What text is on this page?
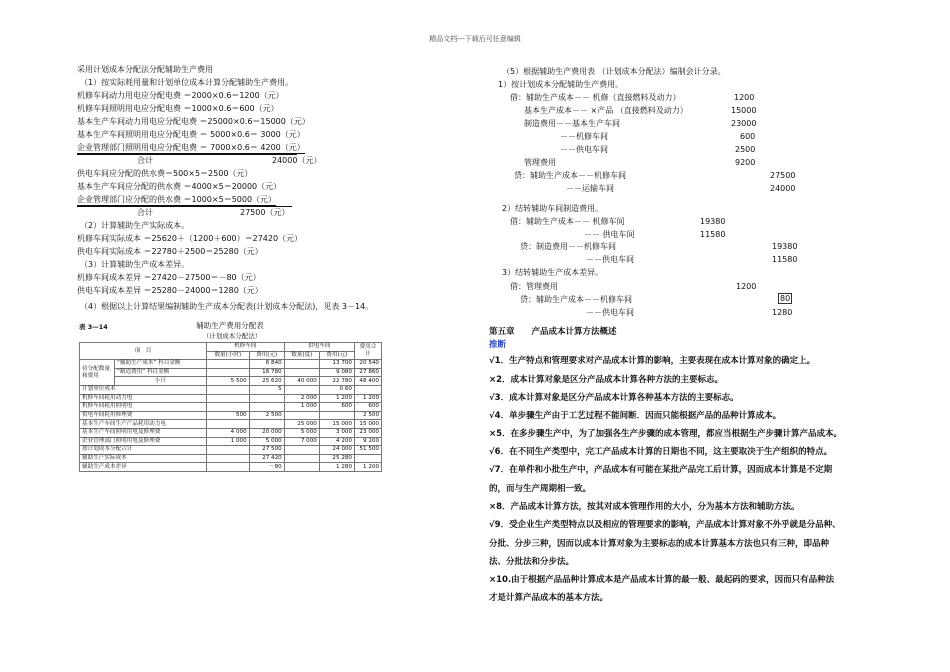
精品文档---下载后可任意编辑
采用计划成本分配法分配辅助生产费用
（1）按实际耗用量和计划单位成本计算分配辅助生产费用。
机修车间动力用电应分配电费 ＝2000×0.6＝1200（元）
机修车间照明用电应分配电费 ＝1000×0.6＝600（元）
基本生产车间动力用电应分配电费 ＝25000×0.6＝15000（元）
基本生产车间照明用电应分配电费 ＝ 5000×0.6＝ 3000（元）
企业管理部门照明用电应分配电费 ＝ 7000×0.6＝ 4200（元）
合计	24000（元）
供电车间应分配的供水费＝500×5＝2500（元）
基本生产车间应分配的供水费 ＝4000×5＝20000（元）
企业管理部门应分配的供水费 ＝1000×5＝5000（元）
合计	27500（元）
（2）计算辅助生产实际成本。
机修车间实际成本 ＝25620＋（1200＋600）＝27420（元）
供电车间实际成本 ＝22780＋2500＝25280（元）
（3）计算辅助生产成本差异。
机修车间成本差异 ＝27420－27500＝－80（元）
供电车间成本差异 ＝25280－24000＝1280（元）
（4）根据以上计算结果编制辅助生产成本分配表(计划成本分配法)，见表 3－14。
表 3—14	辅助生产费用分配表
（计划成本分配法）
项　目		机修车间		供电车间		费用合计
		数量(小时)	费用(元)	数量(度)	费用(元)	
待分配数量和费用	“辅助生产成本” 科目金额		6 840		13 700	20 540
	“制造费用” 科目金额		18 780		9 080	27 860
	小计	5 500	25 620	40 000	22 780	48 400
计划单位成本			5		0.60	
机修车间耗用动力电				2 000	1 200	1 200
机修车间耗用照明电				1 000	600	600
供电车间耗用修理费		500	2 500			2 500
基本生产车间生产产品耗用动力电				25 000	15 000	15 000
基本生产车间照明用电及修理费		4 000	20 000	5 000	3 000	23 000
企业管理部门照明用电及修理费		1 000	5 000	7 000	4 200	9 200
按计划成本分配合计			27 500		24 000	51 500
辅助生产实际成本			27 420		25 280	
辅助生产成本差异			－80		1 280	1 200
（5）根据辅助生产费用表 （计划成本分配法）编制会计分录。
1）按计划成本分配辅助生产费用。
借：辅助生产成本－－ 机修（直接燃料及动力）	1200
基本生产成本－－ ×产品 （直接燃料及动力）	15000
制造费用－－基本生产车间	23000
－－机修车间	600
－－供电车间	2500
管理费用	9200
贷：辅助生产成本－－机修车间	27500
－－运输车间	24000
2）结转辅助车间制造费用。
借：辅助生产成本－－ 机修车间	19380
－－ 供电车间	11580
贷：制造费用－－机修车间	19380
－－供电车间	11580
3）结转辅助生产成本差异。
借：管理费用	1200
贷：辅助生产成本－－机修车间	80
－－供电车间	1280
第五章　　产品成本计算方法概述
推断
√1．生产特点和管理要求对产品成本计算的影响，主要表现在成本计算对象的确定上。
×2．成本计算对象是区分产品成本计算各种方法的主要标志。
√3．成本计算对象是区分产品成本计算各种基本方法的主要标志。
√4．单步骤生产由于工艺过程不能间断．因而只能根据产品的品种计算成本。
×5．在多步骤生产中，为了加强各生产步骤的成本管理，都应当根据生产步骤计算产品成本。
√6．在不同生产类型中，完工产品成本计算的日期也不同，这主要取决于生产组织的特点。
√7．在单件和小批生产中，产品成本有可能在某批产品完工后计算，因而成本计算是不定期
的，而与生产周期相一致。
×8．产品成本计算方法，按其对成本管理作用的大小，分为基本方法和辅助方法。
√9．受企业生产类型特点以及相应的管理要求的影响，产品成本计算对象不外乎就是分品种、
分批、分步三种，因而以成本计算对象为主要标志的成本计算基本方法也只有三种，即品种
法、分批法和分步法。
×10.由于根据产品品种计算成本是产品成本计算的最一般、最起码的要求，因而只有品种法
才是计算产品成本的基本方法。
